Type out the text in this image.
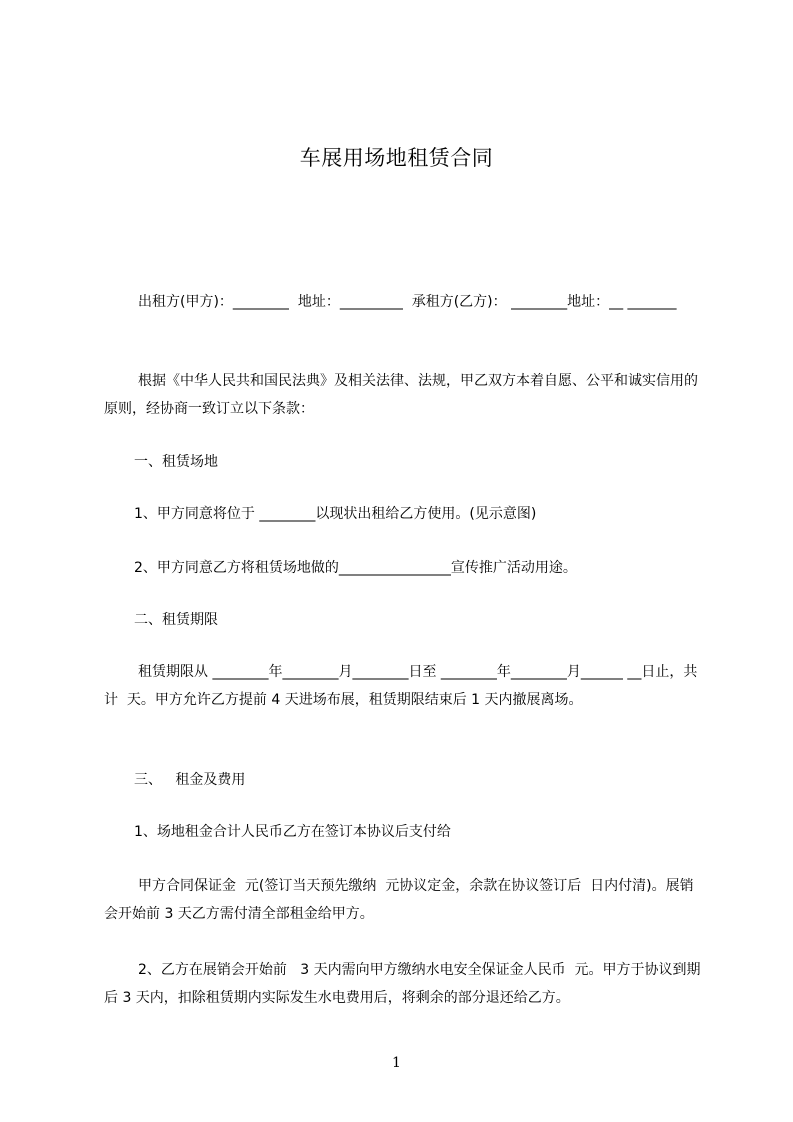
车展用场地租赁合同
出租方(甲方)：________  地址：_________  承租方(乙方)： ________地址：__ _______
根据《中华人民共和国民法典》及相关法律、法规，甲乙双方本着自愿、公平和诚实信用的原则，经协商一致订立以下条款：
一、租赁场地
1、甲方同意将位于 ________以现状出租给乙方使用。(见示意图)
2、甲方同意乙方将租赁场地做的________________宣传推广活动用途。
二、租赁期限
租赁期限从 ________年________月________日至 ________年________月______ __日止，共计  天。甲方允许乙方提前 4 天进场布展，租赁期限结束后 1 天内撤展离场。
三、   租金及费用
1、场地租金合计人民币乙方在签订本协议后支付给
甲方合同保证金  元(签订当天预先缴纳  元协议定金，余款在协议签订后  日内付清)。展销会开始前 3 天乙方需付清全部租金给甲方。
2、乙方在展销会开始前   3 天内需向甲方缴纳水电安全保证金人民币  元。甲方于协议到期后 3 天内，扣除租赁期内实际发生水电费用后，将剩余的部分退还给乙方。
1
